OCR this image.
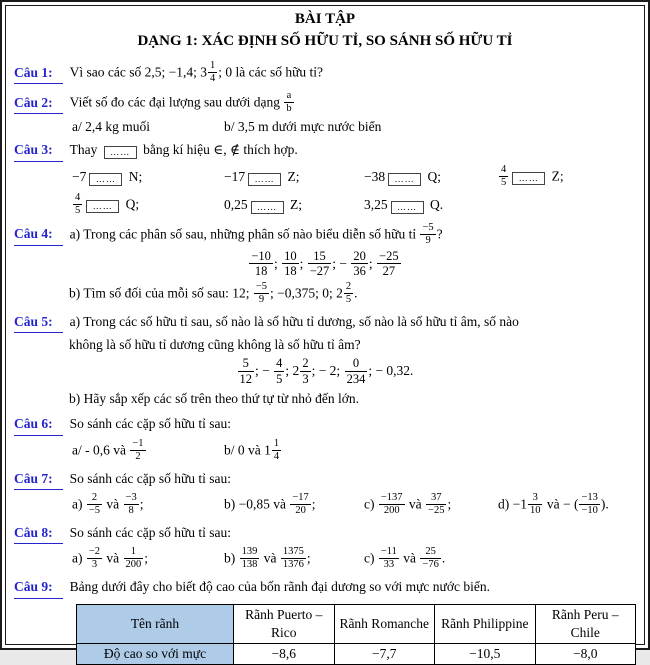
BÀI TẬP
DẠNG 1: XÁC ĐỊNH SỐ HỮU TỈ, SO SÁNH SỐ HỮU TỈ
Câu 1: Vì sao các số 2,5; −1,4; $3 \frac{1}{4}$ ; 0 là các số hữu tỉ?
Câu 2: Viết số đo các đại lượng sau dưới dạng $\frac{a}{b}$
a/ 2,4 kg muối	b/ 3,5 m dưới mực nước biển
Câu 3: Thay …… bằng kí hiệu ∈, ∉ thích hợp.
−7 …… N;	−17 …… Z;	−38 …… Q;	$\frac{4}{5}$ …… Z;
$\frac{4}{5}$ …… Q;	0,25 …… Z;	3,25 …… Q.
Câu 4: a) Trong các phân số sau, những phân số nào biểu diễn số hữu tỉ $\frac{-5}{9}$ ?
$\frac{-10}{18}$ ; $\frac{10}{18}$ ; $\frac{15}{-27}$ ; − $\frac{20}{36}$ ; $\frac{-25}{27}$
b) Tìm số đối của mỗi số sau: 12; $\frac{-5}{9}$ ; −0,375; 0; $2 \frac{2}{5}$ .
Câu 5: a) Trong các số hữu tỉ sau, số nào là số hữu tỉ dương, số nào là số hữu tỉ âm, số nào
không là số hữu tỉ dương cũng không là số hữu tỉ âm?
$\frac{5}{12}$ ; − $\frac{4}{5}$ ; $2 \frac{2}{3}$ ; − 2; $\frac{0}{234}$ ; − 0,32.
b) Hãy sắp xếp các số trên theo thứ tự từ nhỏ đến lớn.
Câu 6: So sánh các cặp số hữu tỉ sau:
a/ - 0,6 và $\frac{-1}{2}$	b/ 0 và $1 \frac{1}{4}$
Câu 7: So sánh các cặp số hữu tỉ sau:
$a) \frac{2}{-5}$ và $\frac{-3}{8}$ ;	b) −0,85 và $\frac{-17}{20}$ ;	$c) \frac{-137}{200}$ và $\frac{37}{-25}$ ;	$d) -1 \frac{3}{10}$ và − ( $\frac{-13}{-10}$ ).
Câu 8: So sánh các cặp số hữu tỉ sau:
$a) \frac{-2}{3}$ và $\frac{1}{200}$ ;	$b) \frac{139}{138}$ và $\frac{1375}{1376}$ ;	$c) \frac{-11}{33}$ và $\frac{25}{-76}$ .
Câu 9: Bảng dưới đây cho biết độ cao của bốn rãnh đại dương so với mực nước biển.
Tên rãnh	Rãnh Puerto – Rico	Rãnh Romanche	Rãnh Philippine	Rãnh Peru – Chile
Độ cao so với mực	−8,6	−7,7	−10,5	−8,0
